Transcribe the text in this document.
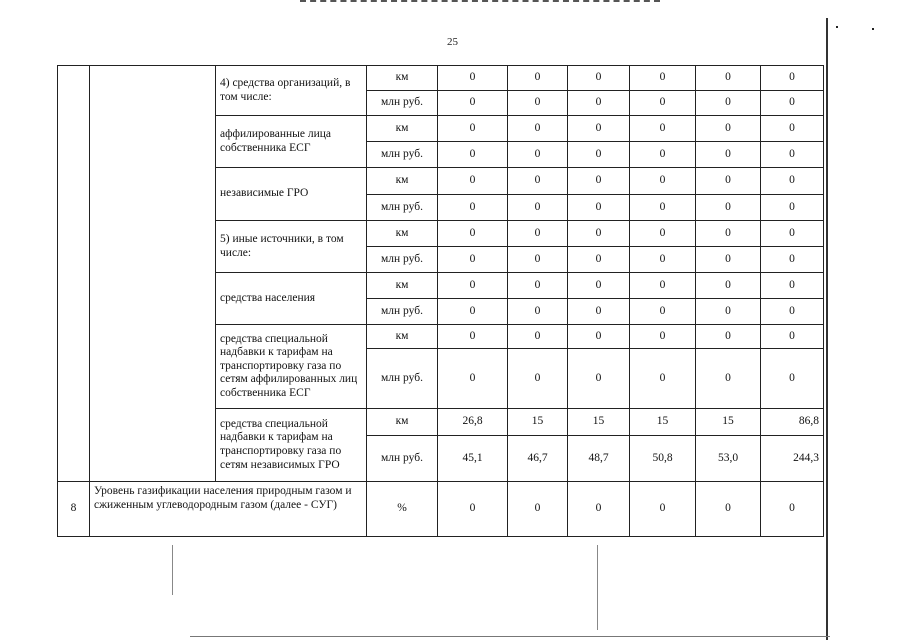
25
		4) средства организаций, в том числе:	км	0	0	0	0	0	0
			млн руб.	0	0	0	0	0	0
		аффилированные лица собственника ЕСГ	км	0	0	0	0	0	0
			млн руб.	0	0	0	0	0	0
		независимые ГРО	км	0	0	0	0	0	0
			млн руб.	0	0	0	0	0	0
		5) иные источники, в том числе:	км	0	0	0	0	0	0
			млн руб.	0	0	0	0	0	0
		средства населения	км	0	0	0	0	0	0
			млн руб.	0	0	0	0	0	0
		средства специальной надбавки к тарифам на транспортировку газа по сетям аффилированных лиц собственника ЕСГ	км	0	0	0	0	0	0
			млн руб.	0	0	0	0	0	0
		средства специальной надбавки к тарифам на транспортировку газа по сетям независимых ГРО	км	26,8	15	15	15	15	86,8
			млн руб.	45,1	46,7	48,7	50,8	53,0	244,3
8	Уровень газификации населения природным газом и сжиженным углеводородным газом (далее - СУГ)		%	0	0	0	0	0	0
